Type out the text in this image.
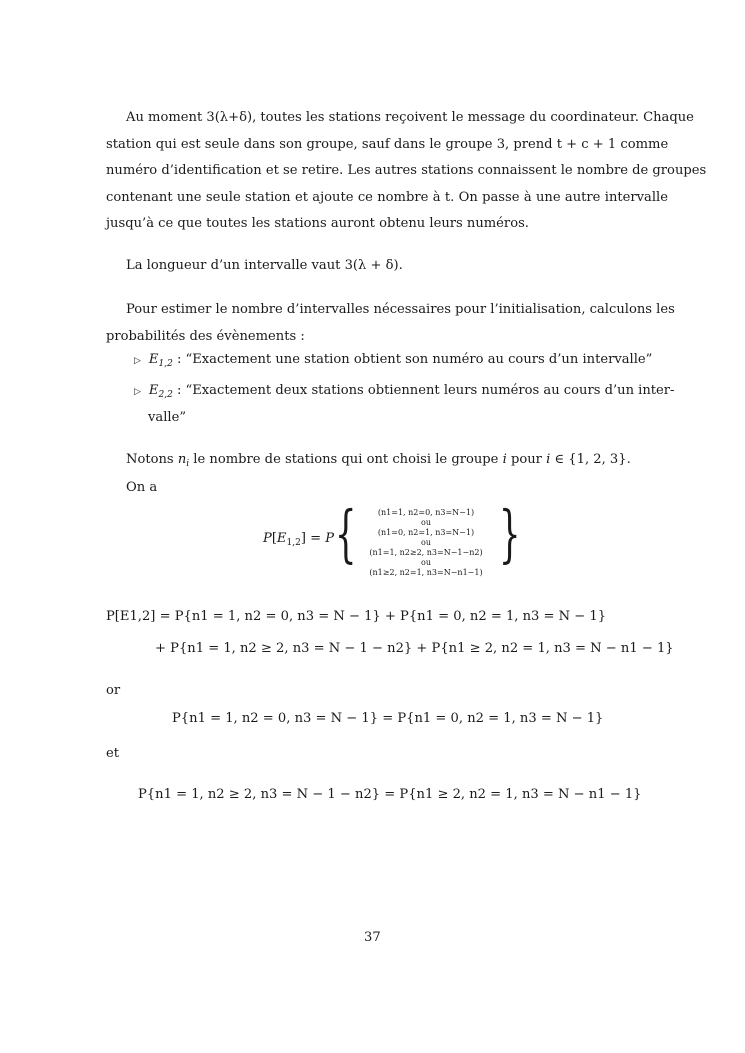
Au moment 3(λ+δ), toutes les stations reçoivent le message du coordinateur. Chaque
station qui est seule dans son groupe, sauf dans le groupe 3, prend t + c + 1 comme
numéro d’identification et se retire. Les autres stations connaissent le nombre de groupes
contenant une seule station et ajoute ce nombre à t. On passe à une autre intervalle
jusqu’à ce que toutes les stations auront obtenu leurs numéros.
La longueur d’un intervalle vaut 3(λ + δ).
Pour estimer le nombre d’intervalles nécessaires pour l’initialisation, calculons les
probabilités des évènements :
▷ $E_{1,2}$ : “Exactement une station obtient son numéro au cours d’un intervalle”
▷ $E_{2,2}$ : “Exactement deux stations obtiennent leurs numéros au cours d’un inter-
valle”
Notons $n_i$ le nombre de stations qui ont choisi le groupe i pour i ∈ {1, 2, 3}.
On a
$P[E_{1,2}] = P$ {	(n1=1, n2=0, n3=N−1)
ou
(n1=0, n2=1, n3=N−1)
ou
(n1=1, n2≥2, n3=N−1−n2)
ou
(n1≥2, n2=1, n3=N−n1−1)
}
P[E1,2] = P{n1 = 1, n2 = 0, n3 = N − 1} + P{n1 = 0, n2 = 1, n3 = N − 1}
+ P{n1 = 1, n2 ≥ 2, n3 = N − 1 − n2} + P{n1 ≥ 2, n2 = 1, n3 = N − n1 − 1}
or
P{n1 = 1, n2 = 0, n3 = N − 1} = P{n1 = 0, n2 = 1, n3 = N − 1}
et
P{n1 = 1, n2 ≥ 2, n3 = N − 1 − n2} = P{n1 ≥ 2, n2 = 1, n3 = N − n1 − 1}
37
